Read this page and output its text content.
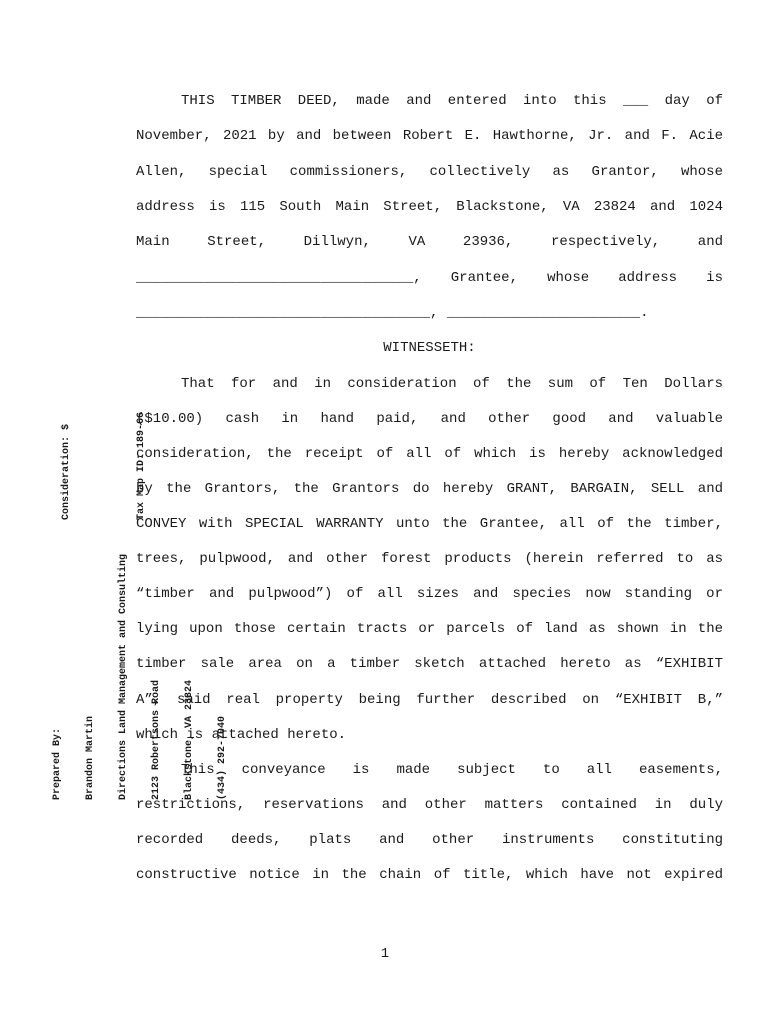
THIS TIMBER DEED, made and entered into this ___ day of
November, 2021 by and between Robert E. Hawthorne, Jr. and F. Acie
Allen, special commissioners, collectively as Grantor, whose
address is 115 South Main Street, Blackstone, VA 23824 and 1024
Main Street, Dillwyn, VA 23936, respectively, and
_________________________________, Grantee, whose address is
___________________________________, _______________________.
WITNESSETH:
That for and in consideration of the sum of Ten Dollars
($10.00) cash in hand paid, and other good and valuable
consideration, the receipt of all of which is hereby acknowledged
by the Grantors, the Grantors do hereby GRANT, BARGAIN, SELL and
CONVEY with SPECIAL WARRANTY unto the Grantee, all of the timber,
trees, pulpwood, and other forest products (herein referred to as
“timber and pulpwood”) of all sizes and species now standing or
lying upon those certain tracts or parcels of land as shown in the
timber sale area on a timber sketch attached hereto as “EXHIBIT
A”, said real property being further described on “EXHIBIT B,”
which is attached hereto.
This conveyance is made subject to all easements,
restrictions, reservations and other matters contained in duly
recorded deeds, plats and other instruments constituting
constructive notice in the chain of title, which have not expired

Consideration: $

	Tax Map ID: 189-66

Prepared By:

Brandon Martin

Directions Land Management and Consulting

2123 Robertsons Road

Blackstone, VA 23824

(434) 292-7040

1
